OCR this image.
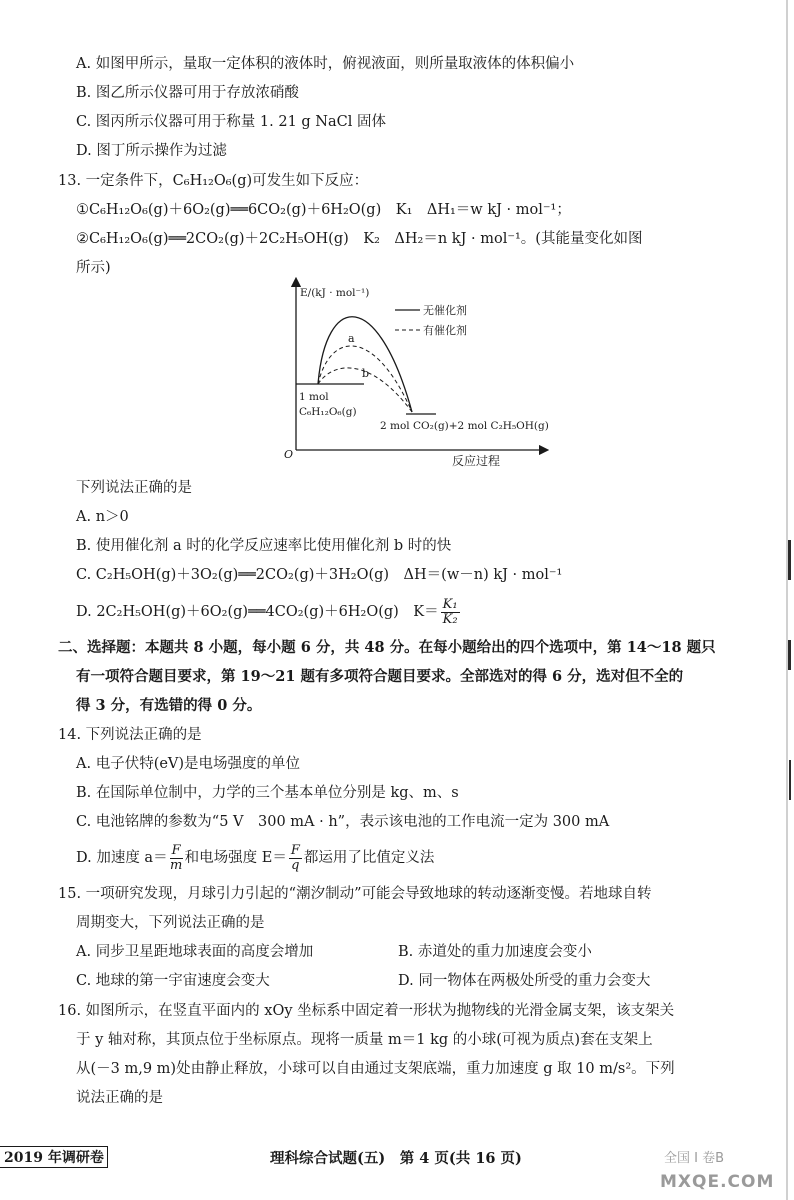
A. 如图甲所示，量取一定体积的液体时，俯视液面，则所量取液体的体积偏小
B. 图乙所示仪器可用于存放浓硝酸
C. 图丙所示仪器可用于称量 1. 21 g NaCl 固体
D. 图丁所示操作为过滤
13. 一定条件下，C₆H₁₂O₆(g)可发生如下反应：
①C₆H₁₂O₆(g)＋6O₂(g)══6CO₂(g)＋6H₂O(g)　K₁　ΔH₁＝w kJ · mol⁻¹；
②C₆H₁₂O₆(g)══2CO₂(g)＋2C₂H₅OH(g)　K₂　ΔH₂＝n kJ · mol⁻¹。(其能量变化如图
所示)
E/(kJ · mol⁻¹)
O	反应过程
a
b
无催化剂
有催化剂
1 mol
C₆H₁₂O₆(g)
2 mol CO₂(g)+2 mol C₂H₅OH(g)
下列说法正确的是
A. n＞0
B. 使用催化剂 a 时的化学反应速率比使用催化剂 b 时的快
C. C₂H₅OH(g)＋3O₂(g)══2CO₂(g)＋3H₂O(g)　ΔH＝(w－n) kJ · mol⁻¹
D. 2C₂H₅OH(g)＋6O₂(g)══4CO₂(g)＋6H₂O(g)　$K= \frac{\text{K₁}}{\text{K₂}}$
二、选择题：本题共 8 小题，每小题 6 分，共 48 分。在每小题给出的四个选项中，第 14～18 题只
有一项符合题目要求，第 19～21 题有多项符合题目要求。全部选对的得 6 分，选对但不全的
得 3 分，有选错的得 0 分。
14. 下列说法正确的是
A. 电子伏特(eV)是电场强度的单位
B. 在国际单位制中，力学的三个基本单位分别是 kg、m、s
C. 电池铭牌的参数为“5 V　300 mA · h”，表示该电池的工作电流一定为 300 mA
D. 加速度 $a= \frac{F}{m}$ 和电场强度 $E= \frac{F}{q}$ 都运用了比值定义法
15. 一项研究发现，月球引力引起的“潮汐制动”可能会导致地球的转动逐渐变慢。若地球自转
周期变大，下列说法正确的是
A. 同步卫星距地球表面的高度会增加	B. 赤道处的重力加速度会变小
C. 地球的第一宇宙速度会变大	D. 同一物体在两极处所受的重力会变大
16. 如图所示，在竖直平面内的 xOy 坐标系中固定着一形状为抛物线的光滑金属支架，该支架关
于 y 轴对称，其顶点位于坐标原点。现将一质量 m＝1 kg 的小球(可视为质点)套在支架上
从(－3 m,9 m)处由静止释放，小球可以自由通过支架底端，重力加速度 g 取 10 m/s²。下列
说法正确的是
2019 年调研卷	理科综合试题(五)　第 4 页(共 16 页)	全国 I 卷B
MXQE.COM
